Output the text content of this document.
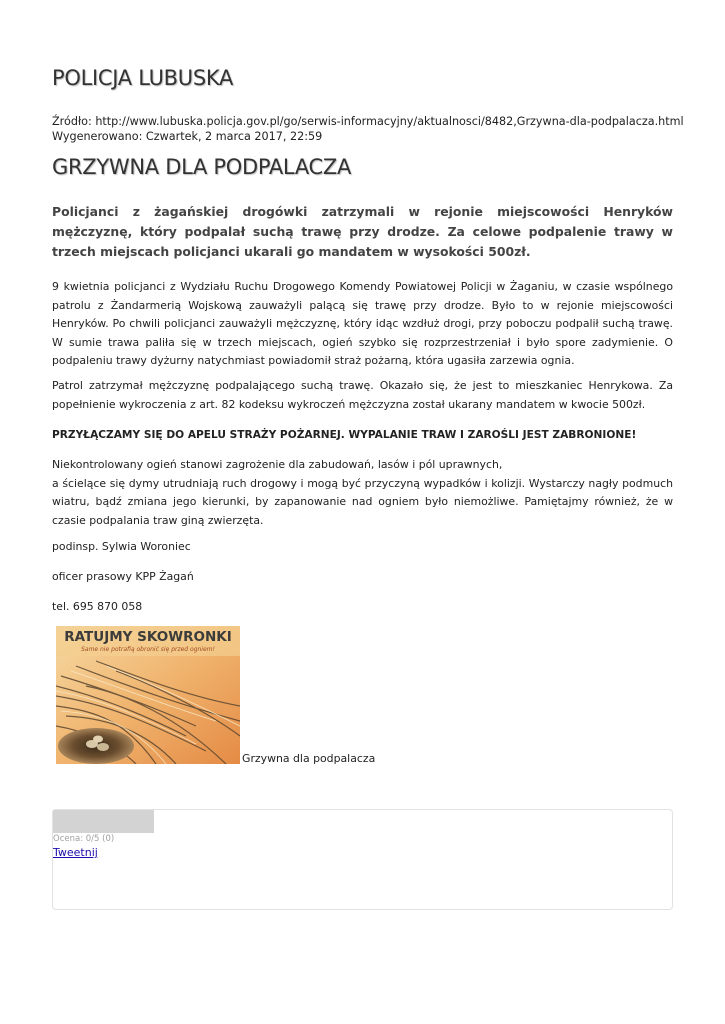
POLICJA LUBUSKA
Źródło: http://www.lubuska.policja.gov.pl/go/serwis-informacyjny/aktualnosci/8482,Grzywna-dla-podpalacza.html
Wygenerowano: Czwartek, 2 marca 2017, 22:59
GRZYWNA DLA PODPALACZA

Policjanci z żagańskiej drogówki zatrzymali w rejonie miejscowości Henryków mężczyznę, który podpalał suchą trawę przy drodze. Za celowe podpalenie trawy w trzech miejscach policjanci ukarali go mandatem w wysokości 500zł.

9 kwietnia policjanci z Wydziału Ruchu Drogowego Komendy Powiatowej Policji w Żaganiu, w czasie wspólnego patrolu z Żandarmerią Wojskową zauważyli palącą się trawę przy drodze. Było to w rejonie miejscowości Henryków. Po chwili policjanci zauważyli mężczyznę, który idąc wzdłuż drogi, przy poboczu podpalił suchą trawę. W sumie trawa paliła się w trzech miejscach, ogień szybko się rozprzestrzeniał i było spore zadymienie. O podpaleniu trawy dyżurny natychmiast powiadomił straż pożarną, która ugasiła zarzewia ognia.

Patrol zatrzymał mężczyznę podpalającego suchą trawę. Okazało się, że jest to mieszkaniec Henrykowa. Za popełnienie wykroczenia z art. 82 kodeksu wykroczeń mężczyzna został ukarany mandatem w kwocie 500zł.

PRZYŁĄCZAMY SIĘ DO APELU STRAŻY POŻARNEJ. WYPALANIE TRAW I ZAROŚLI JEST ZABRONIONE!

Niekontrolowany ogień stanowi zagrożenie dla zabudowań, lasów i pól uprawnych,
a ścielące się dymy utrudniają ruch drogowy i mogą być przyczyną wypadków i kolizji. Wystarczy nagły podmuch wiatru, bądź zmiana jego kierunki, by zapanowanie nad ogniem było niemożliwe. Pamiętajmy również, że w czasie podpalania traw giną zwierzęta.

podinsp. Sylwia Woroniec

oficer prasowy KPP Żagań

tel. 695 870 058

RATUJMY SKOWRONKI
Same nie potrafią obronić się przed ogniem!
Grzywna dla podpalacza
Ocena: 0/5 (0)
Tweetnij
